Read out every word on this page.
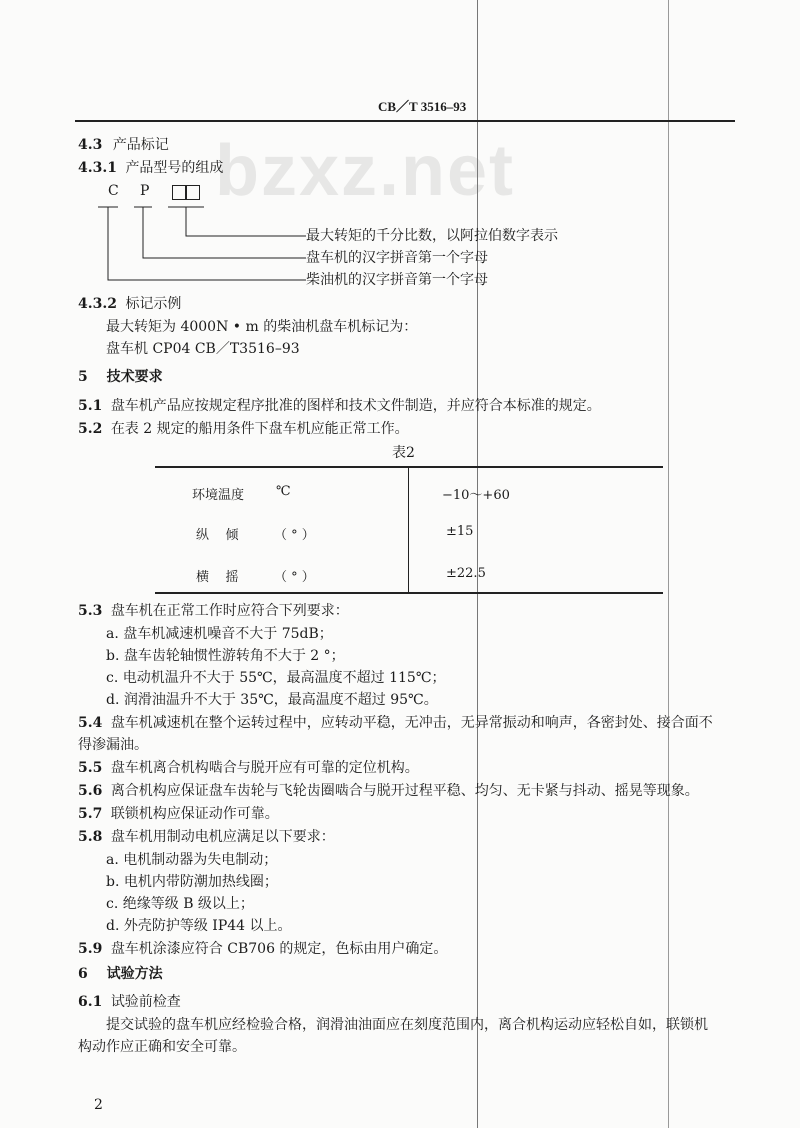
bzxz.net
CB／T 3516–93
4.3 产品标记
4.3.1 产品型号的组成
C P
最大转矩的千分比数，以阿拉伯数字表示
盘车机的汉字拼音第一个字母
柴油机的汉字拼音第一个字母
4.3.2 标记示例
最大转矩为 4000N • m 的柴油机盘车机标记为：
盘车机 CP04 CB／T3516–93
5 技术要求
5.1 盘车机产品应按规定程序批准的图样和技术文件制造，并应符合本标准的规定。
5.2 在表 2 规定的船用条件下盘车机应能正常工作。
表2
环境温度 ℃	−10～+60
纵    倾	（ ° ）	±15
横    摇	（ ° ）	±22.5
5.3 盘车机在正常工作时应符合下列要求：
a. 盘车机减速机噪音不大于 75dB；
b. 盘车齿轮轴惯性游转角不大于 2 °；
c. 电动机温升不大于 55℃，最高温度不超过 115℃；
d. 润滑油温升不大于 35℃，最高温度不超过 95℃。
5.4 盘车机减速机在整个运转过程中，应转动平稳，无冲击，无异常振动和响声，各密封处、接合面不
得渗漏油。
5.5 盘车机离合机构啮合与脱开应有可靠的定位机构。
5.6 离合机构应保证盘车齿轮与飞轮齿圈啮合与脱开过程平稳、均匀、无卡紧与抖动、摇晃等现象。
5.7 联锁机构应保证动作可靠。
5.8 盘车机用制动电机应满足以下要求：
a. 电机制动器为失电制动；
b. 电机内带防潮加热线圈；
c. 绝缘等级 B 级以上；
d. 外壳防护等级 IP44 以上。
5.9 盘车机涂漆应符合 CB706 的规定，色标由用户确定。
6 试验方法
6.1 试验前检查
提交试验的盘车机应经检验合格，润滑油油面应在刻度范围内，离合机构运动应轻松自如，联锁机
构动作应正确和安全可靠。
2
